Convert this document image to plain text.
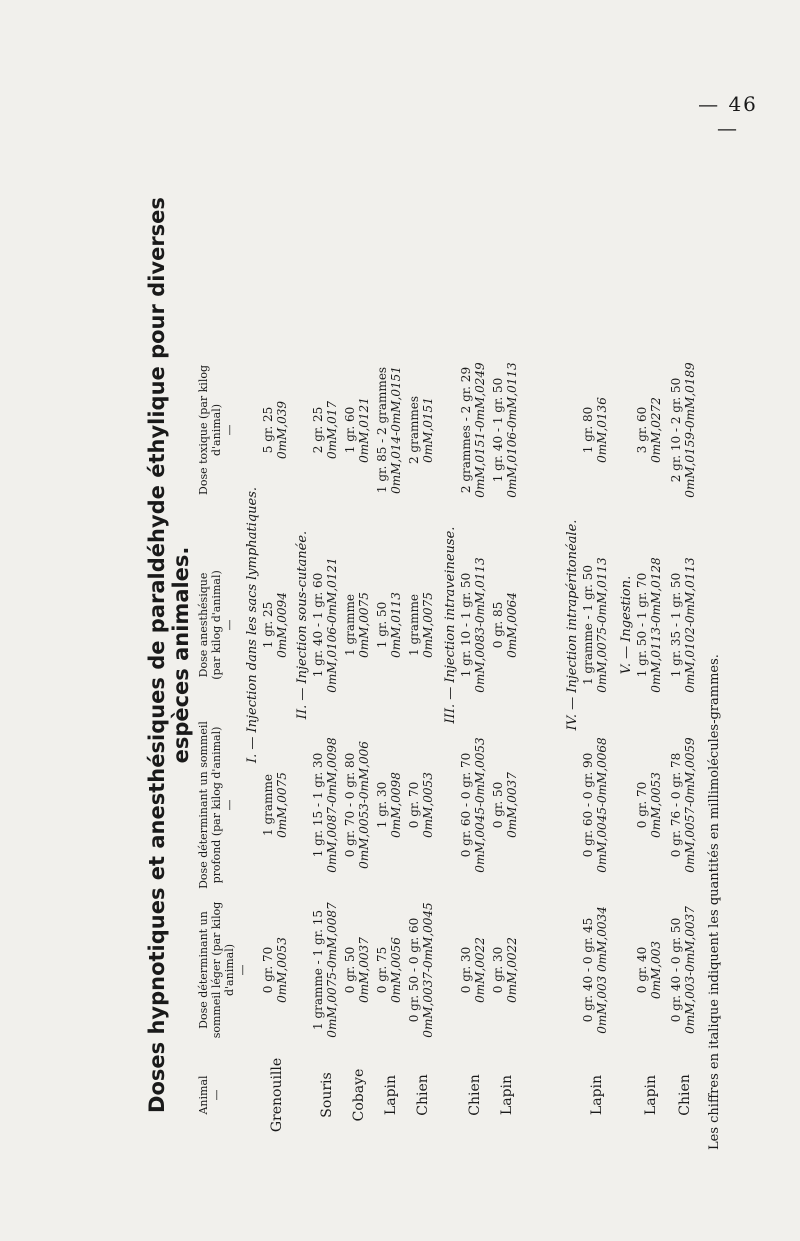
— 46 —
Doses hypnotiques et anesthésiques de paraldéhyde éthylique pour diverses
espèces animales.
Animal —
Dose déterminant un sommeil léger (par kilog d'animal) —
Dose déterminant un sommeil profond (par kilog d'animal) —
Dose anesthésique (par kilog d'animal) —
Dose toxique (par kilog d'animal) —
I. — Injection dans les sacs lymphatiques.
Grenouille
0 gr. 70 0mM,0053
1 gramme 0mM,0075
1 gr. 25 0mM,0094
5 gr. 25 0mM,039
II. — Injection sous-cutanée.
Souris
1 gramme - 1 gr. 15 0mM,0075-0mM,0087
1 gr. 15 - 1 gr. 30 0mM,0087-0mM,0098
1 gr. 40 - 1 gr. 60 0mM,0106-0mM,0121
2 gr. 25 0mM,017
Cobaye
0 gr. 50 0mM,0037
0 gr. 70 - 0 gr. 80 0mM,0053-0mM,006
1 gramme 0mM,0075
1 gr. 60 0mM,0121
Lapin
0 gr. 75 0mM,0056
1 gr. 30 0mM,0098
1 gr. 50 0mM,0113
1 gr. 85 - 2 grammes 0mM,014-0mM,0151
Chien
0 gr. 50 - 0 gr. 60 0mM,0037-0mM,0045
0 gr. 70 0mM,0053
1 gramme 0mM,0075
2 grammes 0mM,0151
III. — Injection intraveineuse.
Chien
0 gr. 30 0mM,0022
0 gr. 60 - 0 gr. 70 0mM,0045-0mM,0053
1 gr. 10 - 1 gr. 50 0mM,0083-0mM,0113
2 grammes - 2 gr. 29 0mM,0151-0mM,0249
Lapin
0 gr. 30 0mM,0022
0 gr. 50 0mM,0037
0 gr. 85 0mM,0064
1 gr. 40 - 1 gr. 50 0mM,0106-0mM,0113
IV. — Injection intrapéritonéale.
Lapin
0 gr. 40 - 0 gr. 45 0mM,003 0mM,0034
0 gr. 60 - 0 gr. 90 0mM,0045-0mM,0068
1 gramme - 1 gr. 50 0mM,0075-0mM,0113
1 gr. 80 0mM,0136
V. — Ingestion.
Lapin
0 gr. 40 0mM,003
0 gr. 70 0mM,0053
1 gr. 50 - 1 gr. 70 0mM,0113-0mM,0128
3 gr. 60 0mM,0272
Chien
0 gr. 40 - 0 gr. 50 0mM,003-0mM,0037
0 gr. 76 - 0 gr. 78 0mM,0057-0mM,0059
1 gr. 35 - 1 gr. 50 0mM,0102-0mM,0113
2 gr. 10 - 2 gr. 50 0mM,0159-0mM,0189
Les chiffres en italique indiquent les quantités en millimolécules-grammes.
